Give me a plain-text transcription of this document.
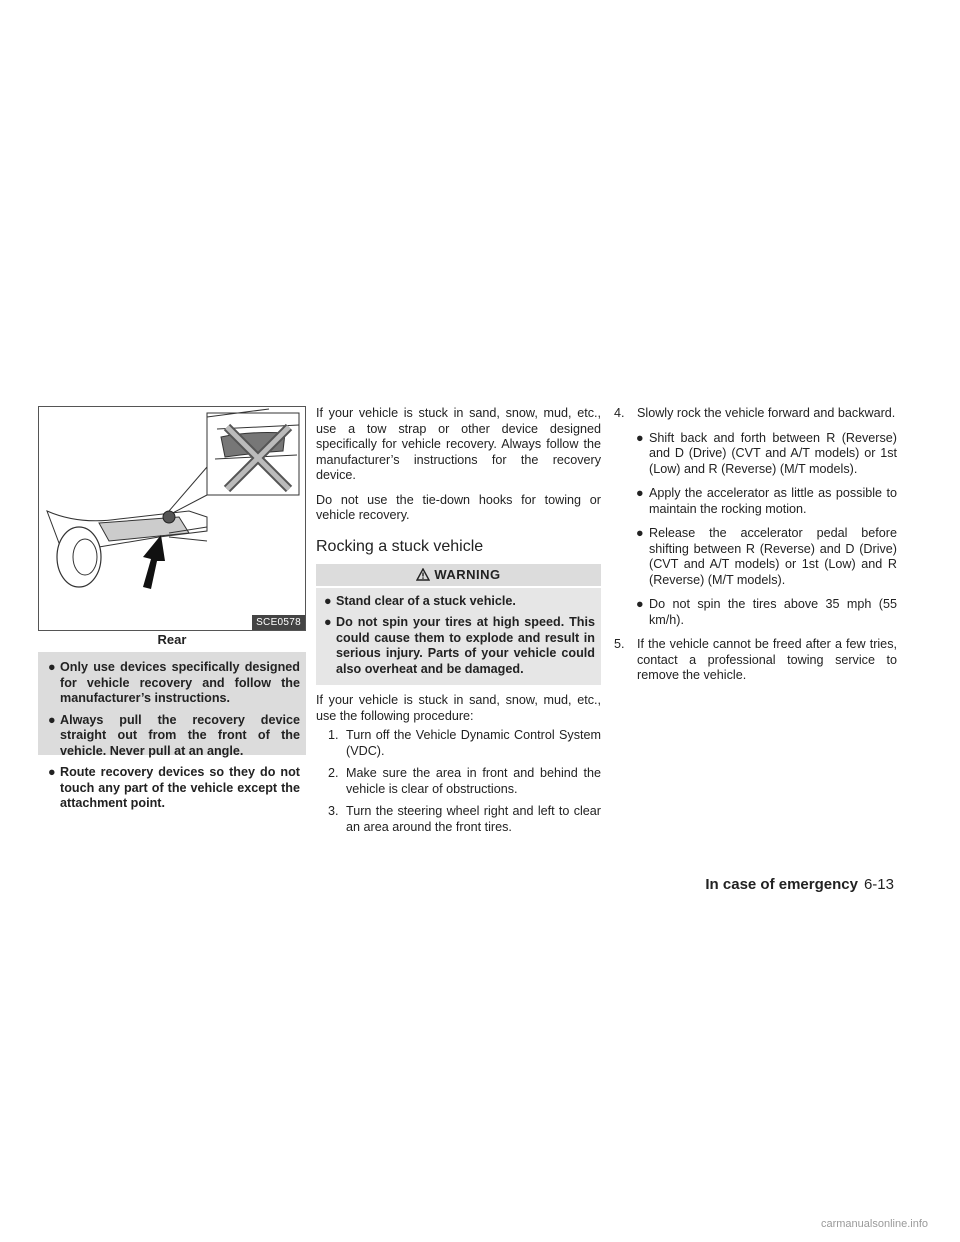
SCE0578
Rear
● Only use devices specifically designed for vehicle recovery and follow the manufacturer’s instructions.
● Always pull the recovery device straight out from the front of the vehicle. Never pull at an angle.
● Route recovery devices so they do not touch any part of the vehicle except the attachment point.

If your vehicle is stuck in sand, snow, mud, etc., use a tow strap or other device designed specifically for vehicle recovery. Always follow the manufacturer’s instructions for the recovery device.

Do not use the tie-down hooks for towing or vehicle recovery.

Rocking a stuck vehicle
WARNING
● Stand clear of a stuck vehicle.
● Do not spin your tires at high speed. This could cause them to explode and result in serious injury. Parts of your vehicle could also overheat and be damaged.

If your vehicle is stuck in sand, snow, mud, etc., use the following procedure:

1. Turn off the Vehicle Dynamic Control System (VDC).
2. Make sure the area in front and behind the vehicle is clear of obstructions.
3. Turn the steering wheel right and left to clear an area around the front tires.
4. Slowly rock the vehicle forward and backward.
● Shift back and forth between R (Reverse) and D (Drive) (CVT and A/T models) or 1st (Low) and R (Reverse) (M/T models).
● Apply the accelerator as little as possible to maintain the rocking motion.
● Release the accelerator pedal before shifting between R (Reverse) and D (Drive) (CVT and A/T models) or 1st (Low) and R (Reverse) (M/T models).
● Do not spin the tires above 35 mph (55 km/h).
5. If the vehicle cannot be freed after a few tries, contact a professional towing service to remove the vehicle.
In case of emergency 6-13
carmanualsonline.info
